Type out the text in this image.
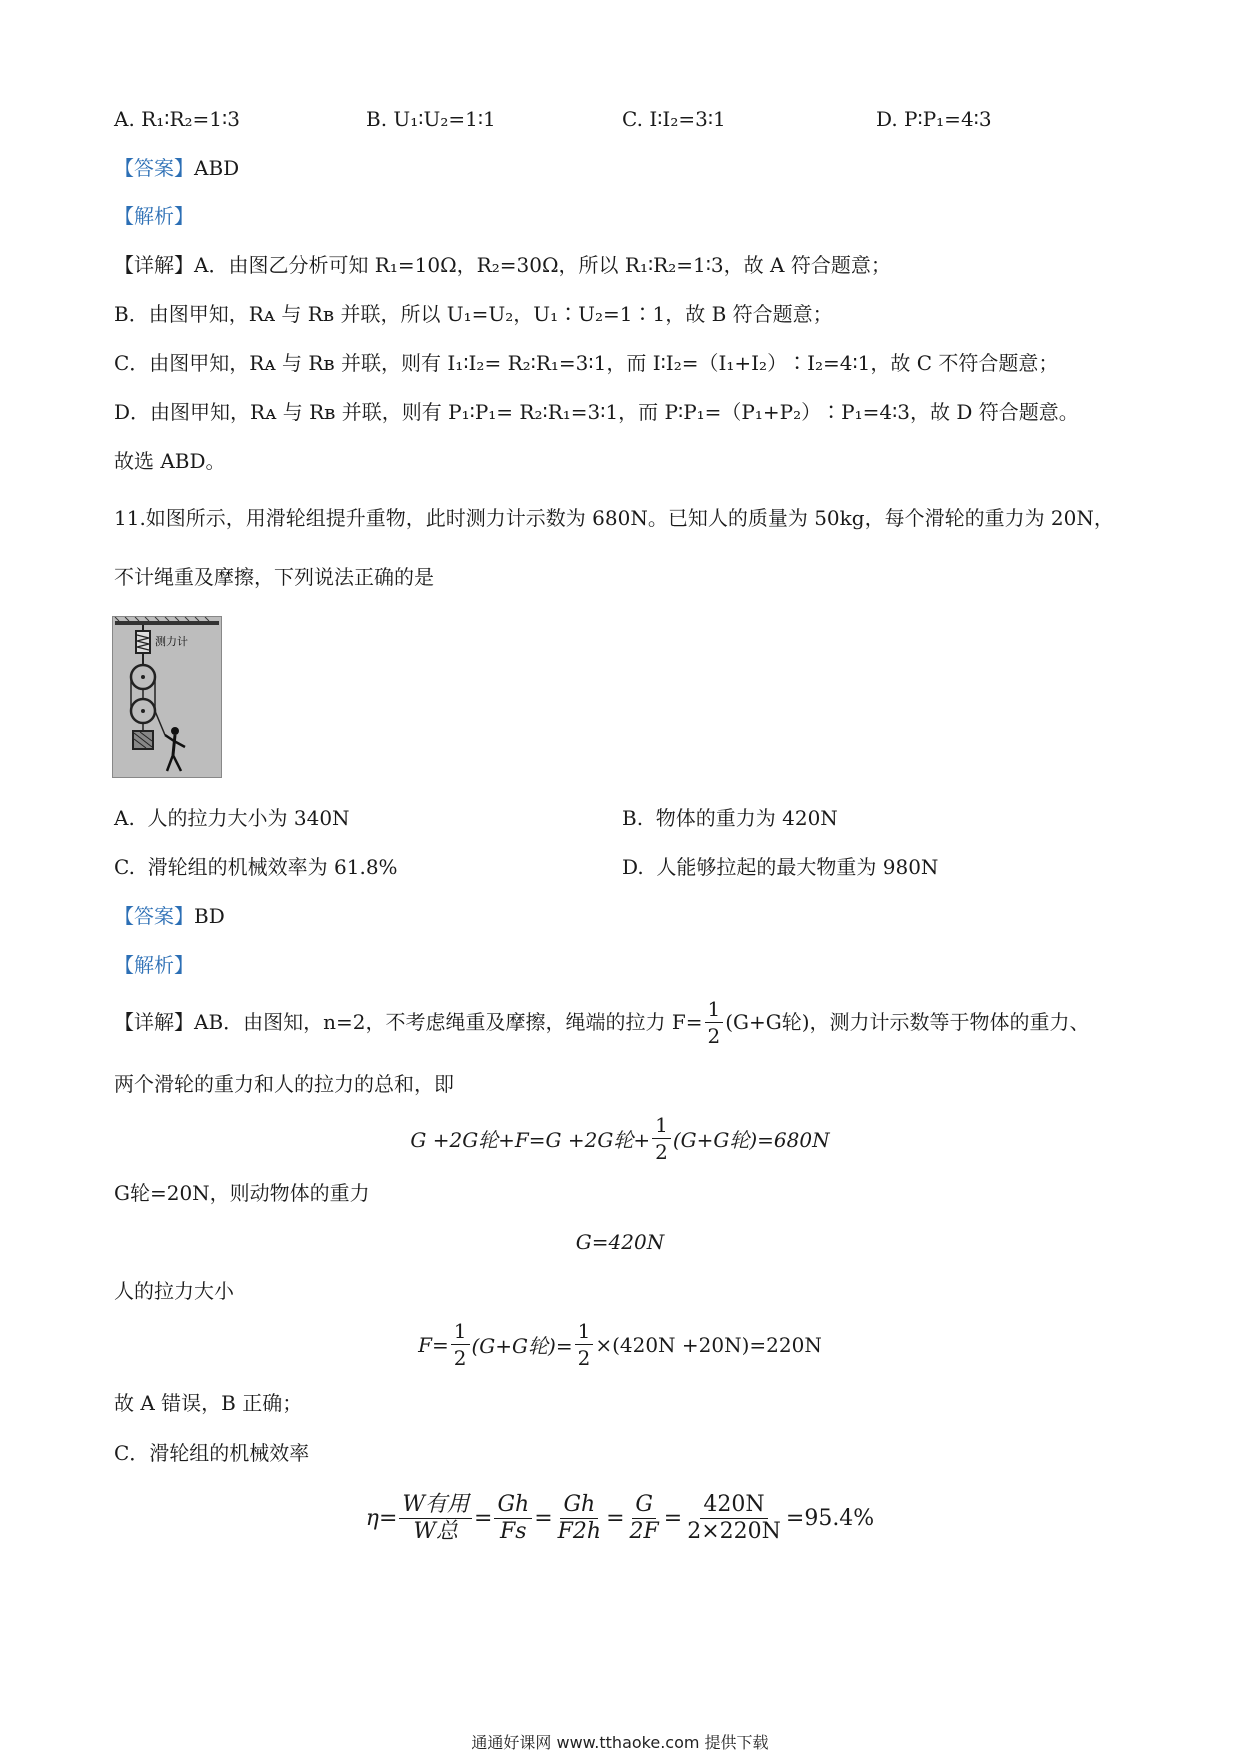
A. R₁∶R₂=1∶3	B. U₁∶U₂=1∶1	C. I∶I₂=3∶1	D. P∶P₁=4∶3
【答案】ABD
【解析】
【详解】A．由图乙分析可知 R₁=10Ω，R₂=30Ω，所以 R₁∶R₂=1∶3，故 A 符合题意；
B．由图甲知，Rᴀ 与 Rʙ 并联，所以 U₁=U₂，U₁∶U₂=1∶1，故 B 符合题意；
C．由图甲知，Rᴀ 与 Rʙ 并联，则有 I₁∶I₂= R₂∶R₁=3∶1，而 I∶I₂=（I₁+I₂）∶I₂=4∶1，故 C 不符合题意；
D．由图甲知，Rᴀ 与 Rʙ 并联，则有 P₁∶P₁= R₂∶R₁=3∶1，而 P∶P₁=（P₁+P₂）∶P₁=4∶3，故 D 符合题意。
故选 ABD。
11.如图所示，用滑轮组提升重物，此时测力计示数为 680N。已知人的质量为 50kg，每个滑轮的重力为 20N，
不计绳重及摩擦，下列说法正确的是
测力计
A. 人的拉力大小为 340N	B. 物体的重力为 420N
C. 滑轮组的机械效率为 61.8%	D. 人能够拉起的最大物重为 980N
【答案】BD
【解析】
【详解】 AB．由图知，n=2，不考虑绳重及摩擦，绳端的拉力 $F= \frac{1}{2} (G+G$轮)，测力计示数等于物体的重力、
两个滑轮的重力和人的拉力的总和，即
G +2G轮+F=G +2G轮+ $\frac{1}{2} (G+G$轮)=680N
G轮=20N，则动物体的重力
G=420N
人的拉力大小
$F= \frac{1}{2} (G+G$轮)= $\frac{1}{2} \times(420N +20N)=220N$
故 A 错误，B 正确；
C．滑轮组的机械效率
$\eta= \frac{\text{W有用}}{\text{W总}} = \frac{Gh}{Fs} = \frac{Gh}{F2h} = \frac{G}{2F} = \frac{420N}{2\times 220N} =95.4\%$
通通好课网 www.tthaoke.com 提供下载
